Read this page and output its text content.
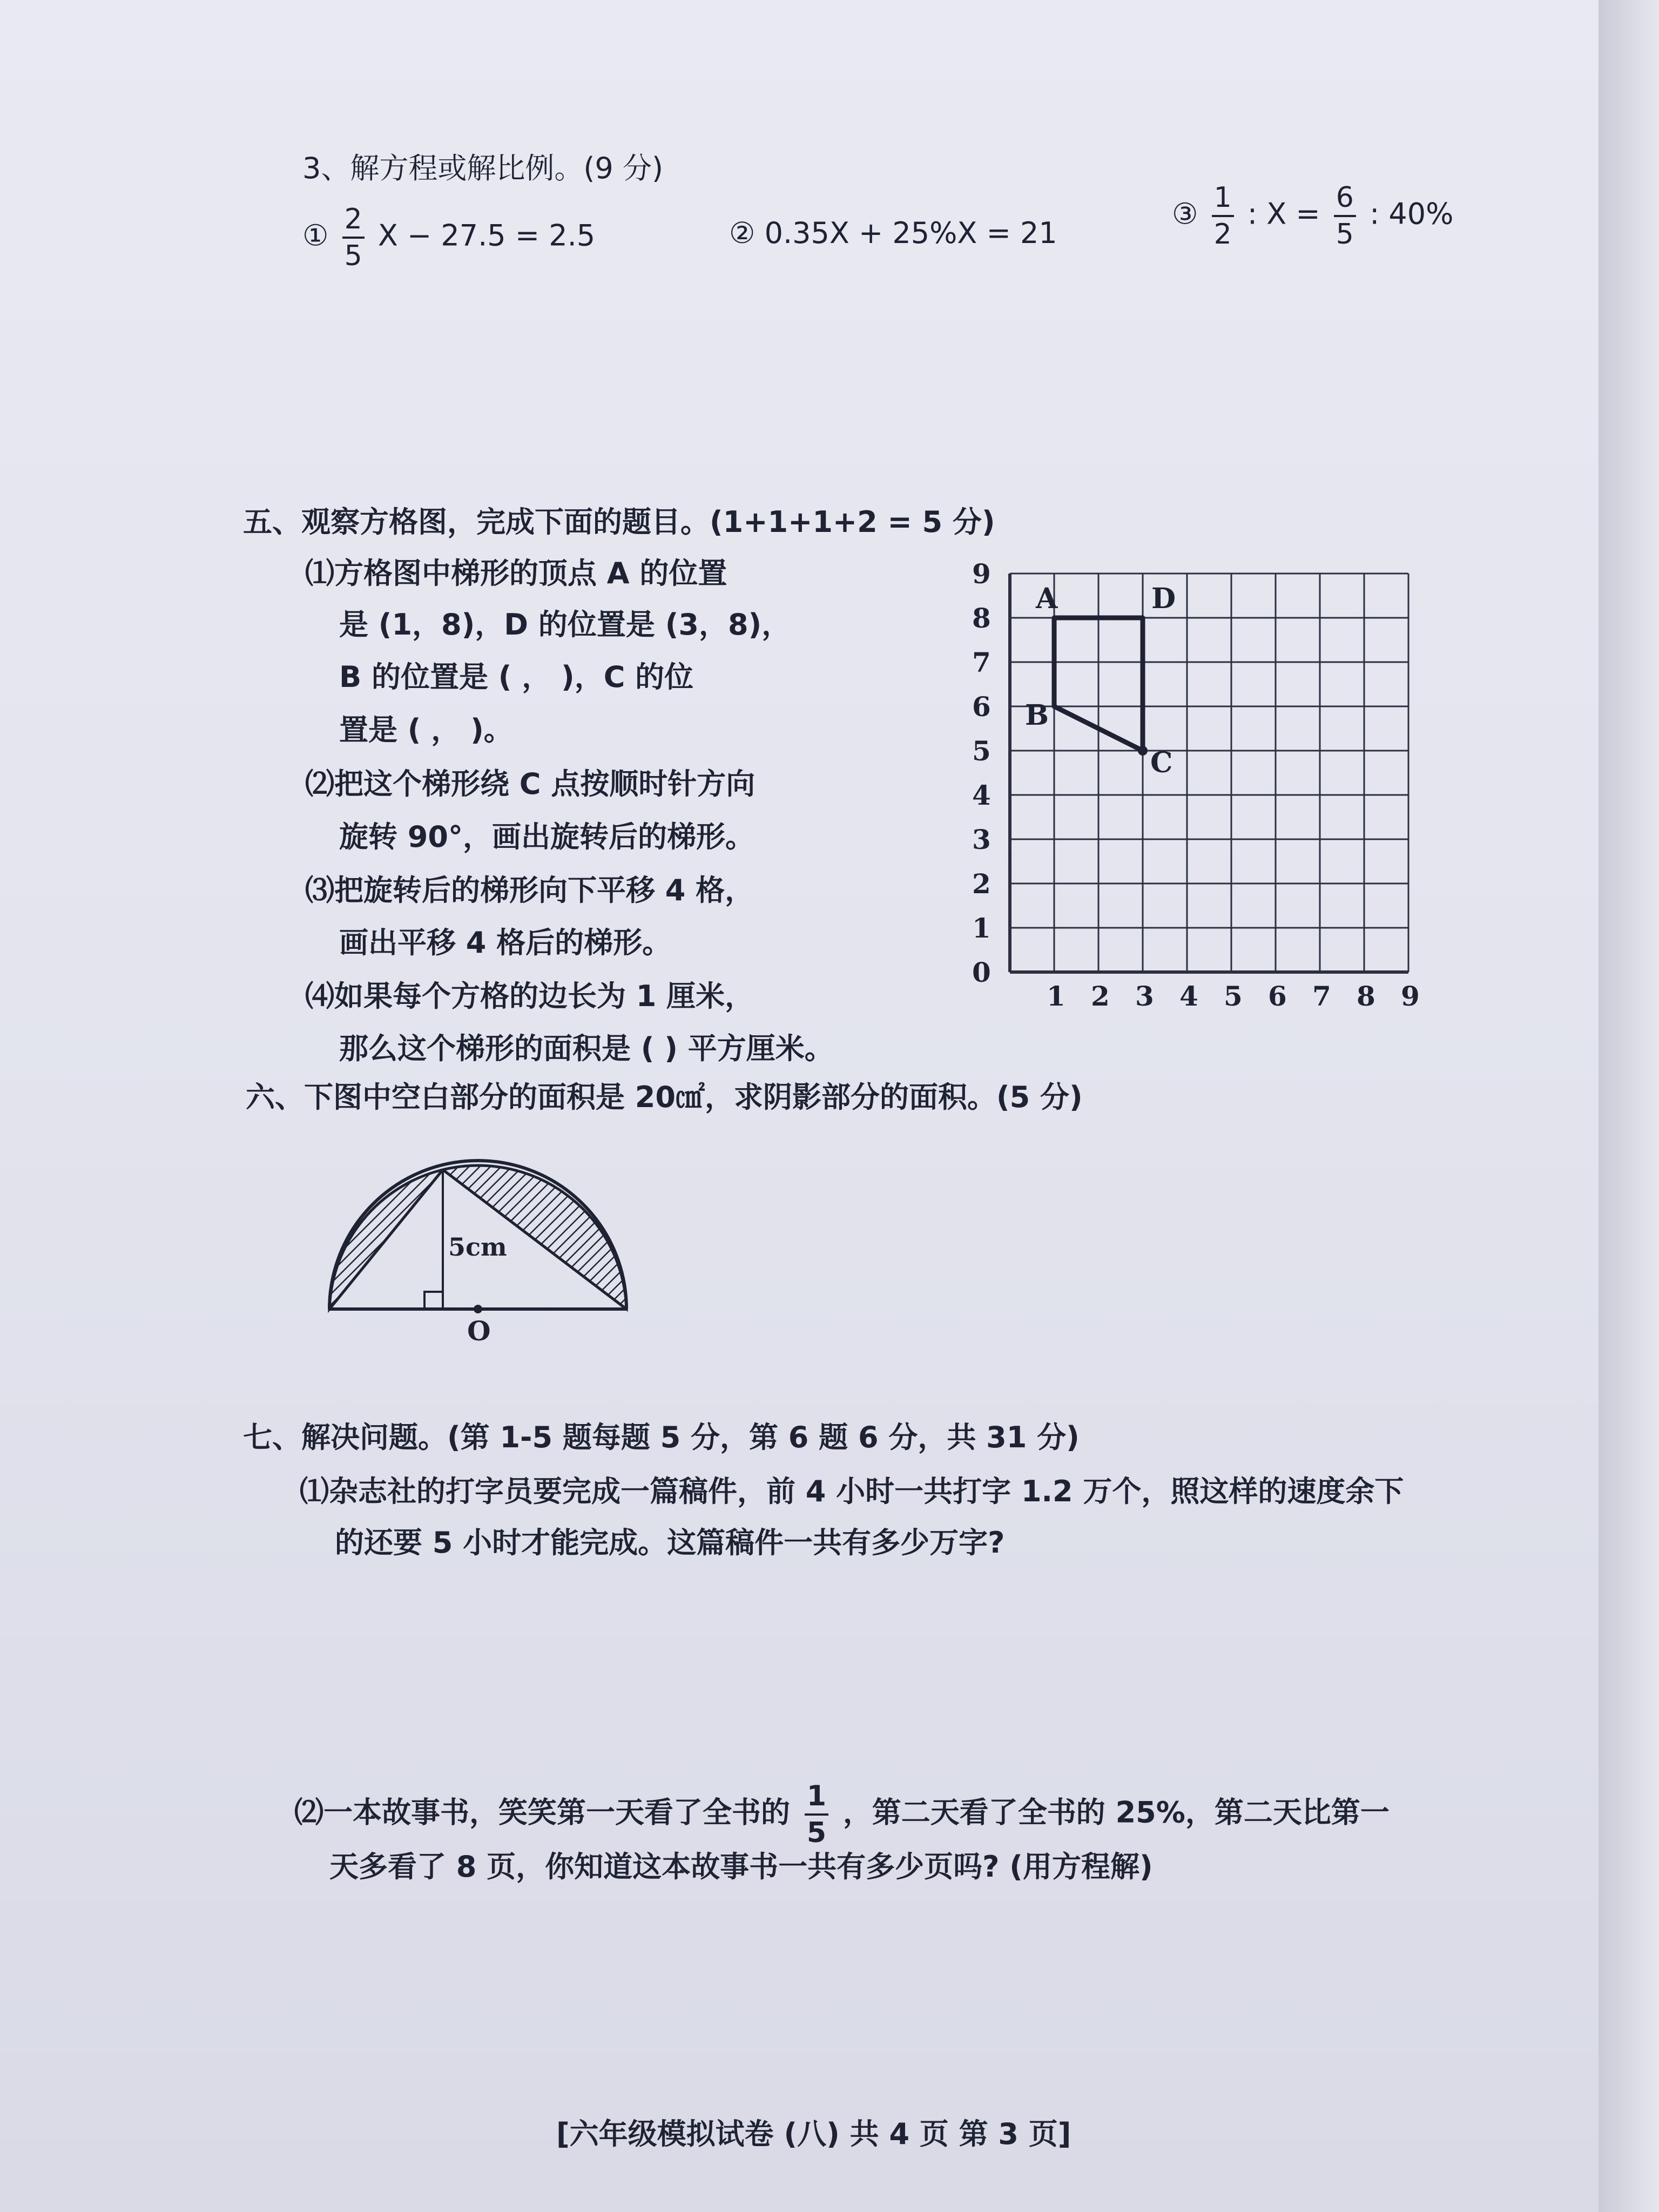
3、解方程或解比例。(9 分)
① $\frac{2}{5}$ X − 27.5 = 2.5	② 0.35X + 25%X = 21
③ $\frac{1}{2}$ : $X = \frac{6}{5}$ : 40%
五、观察方格图，完成下面的题目。(1+1+1+2 = 5 分)
⑴方格图中梯形的顶点 A 的位置
是 (1，8)，D 的位置是 (3，8)，
B 的位置是 ( ， )，C 的位
置是 ( ， )。
⑵把这个梯形绕 C 点按顺时针方向
旋转 90°，画出旋转后的梯形。
⑶把旋转后的梯形向下平移 4 格，
画出平移 4 格后的梯形。
⑷如果每个方格的边长为 1 厘米，
那么这个梯形的面积是 ( ) 平方厘米。
1 2 3 4 5 6 7 8 9
0
1
2
3
4
5
6
7
8
9
A	D
C
B
六、下图中空白部分的面积是 20㎠，求阴影部分的面积。(5 分)
5cm
O
七、解决问题。(第 1-5 题每题 5 分，第 6 题 6 分，共 31 分)
⑴杂志社的打字员要完成一篇稿件，前 4 小时一共打字 1.2 万个，照这样的速度余下
的还要 5 小时才能完成。这篇稿件一共有多少万字?
⑵一本故事书，笑笑第一天看了全书的 $\frac{1}{5}$ ，第二天看了全书的 25%，第二天比第一
天多看了 8 页，你知道这本故事书一共有多少页吗? (用方程解)
[六年级模拟试卷 (八) 共 4 页 第 3 页]
